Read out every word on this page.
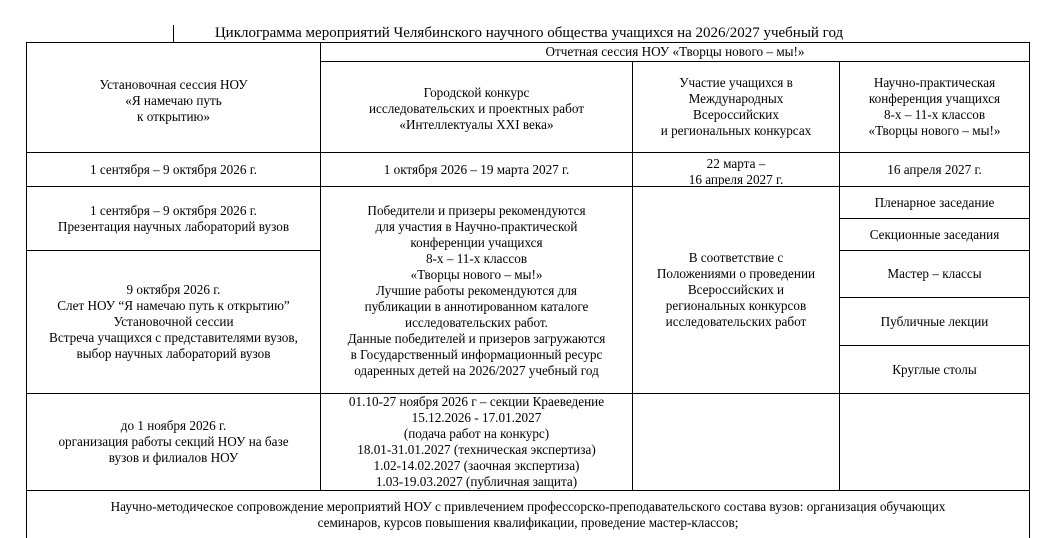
Циклограмма мероприятий Челябинского научного общества учащихся на 2026/2027 учебный год
Установочная сессия НОУ
«Я намечаю путь
к открытию»
Отчетная сессия НОУ «Творцы нового – мы!»
Городской конкурс
исследовательских и проектных работ
«Интеллектуалы XXI века»
Участие учащихся в
Международных
Всероссийских
и региональных конкурсах
Научно-практическая
конференция учащихся
8-х – 11-х классов
«Творцы нового – мы!»
1 сентября – 9 октября 2026 г.	1 октября 2026 – 19 марта 2027 г.	22 марта –
16 апреля 2027 г.
16 апреля 2027 г.
1 сентября – 9 октября 2026 г.
Презентация научных лабораторий вузов
9 октября 2026 г.
Слет НОУ “Я намечаю путь к открытию”
Установочной сессии
Встреча учащихся с представителями вузов,
выбор научных лабораторий вузов
Победители и призеры рекомендуются
для участия в Научно-практической
конференции учащихся
8-х – 11-х классов
«Творцы нового – мы!»
Лучшие работы рекомендуются для
публикации в аннотированном каталоге
исследовательских работ.
Данные победителей и призеров загружаются
в Государственный информационный ресурс
одаренных детей на 2026/2027 учебный год
В соответствие с
Положениями о проведении
Всероссийских и
региональных конкурсов
исследовательских работ
Пленарное заседание
Секционные заседания
Мастер – классы
Публичные лекции
Круглые столы
до 1 ноября 2026 г.
организация работы секций НОУ на базе
вузов и филиалов НОУ
01.10-27 ноября 2026 г – секции Краеведение
15.12.2026 - 17.01.2027
(подача работ на конкурс)
18.01-31.01.2027 (техническая экспертиза)
1.02-14.02.2027 (заочная экспертиза)
1.03-19.03.2027 (публичная защита)
Научно-методическое сопровождение мероприятий НОУ с привлечением профессорско-преподавательского состава вузов: организация обучающих
семинаров, курсов повышения квалификации, проведение мастер-классов;
